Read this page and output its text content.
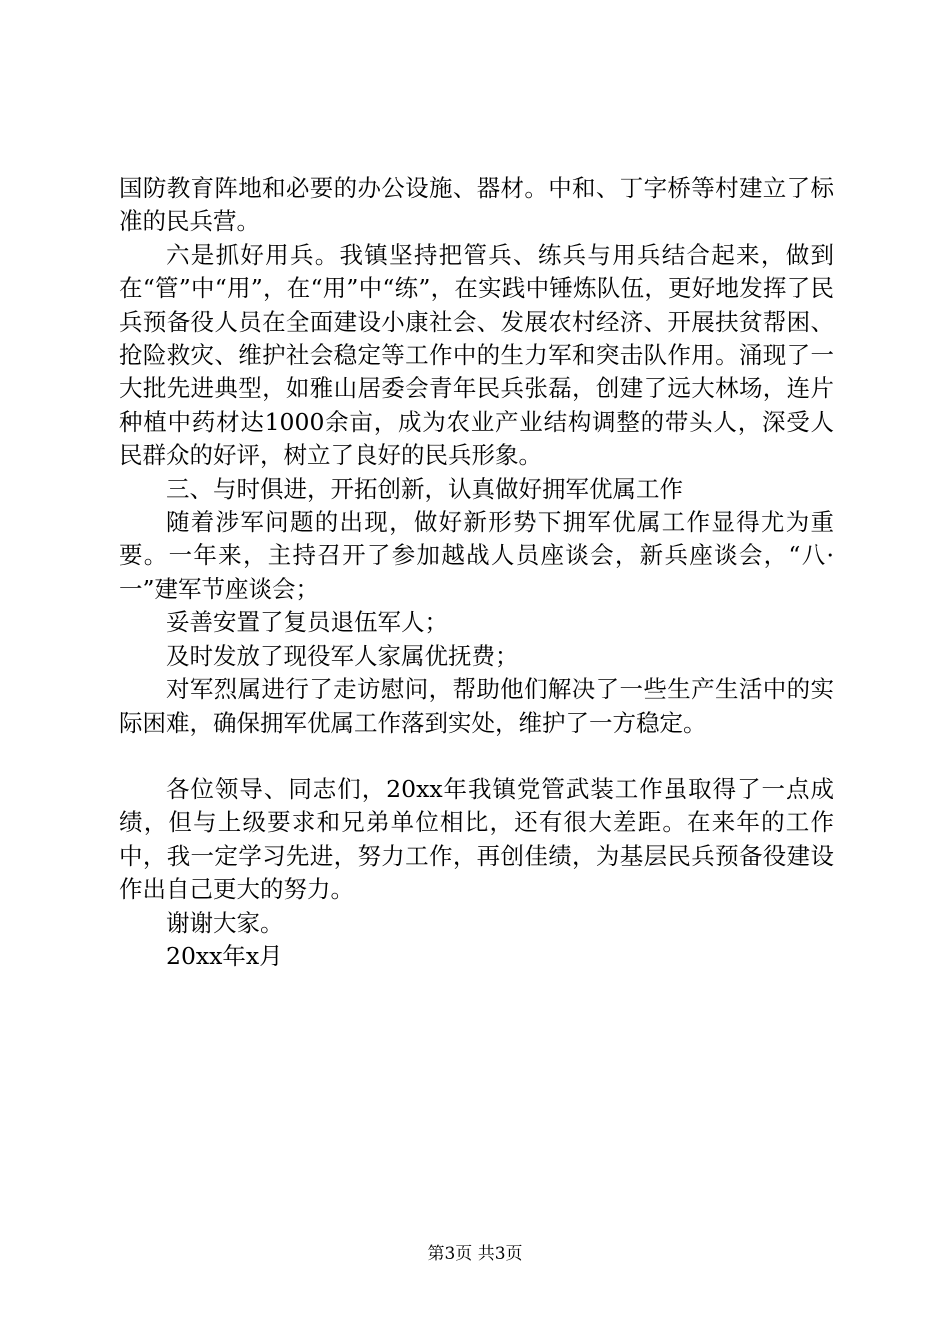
国防教育阵地和必要的办公设施、器材。中和、丁字桥等村建立了标准的民兵营。

六是抓好用兵。我镇坚持把管兵、练兵与用兵结合起来，做到在“管”中“用”，在“用”中“练”，在实践中锤炼队伍，更好地发挥了民兵预备役人员在全面建设小康社会、发展农村经济、开展扶贫帮困、抢险救灾、维护社会稳定等工作中的生力军和突击队作用。涌现了一大批先进典型，如雅山居委会青年民兵张磊，创建了远大林场，连片种植中药材达1000余亩，成为农业产业结构调整的带头人，深受人民群众的好评，树立了良好的民兵形象。

三、与时俱进，开拓创新，认真做好拥军优属工作

随着涉军问题的出现，做好新形势下拥军优属工作显得尤为重要。一年来，主持召开了参加越战人员座谈会，新兵座谈会，“八·一”建军节座谈会；

妥善安置了复员退伍军人；

及时发放了现役军人家属优抚费；

对军烈属进行了走访慰问，帮助他们解决了一些生产生活中的实际困难，确保拥军优属工作落到实处，维护了一方稳定。

各位领导、同志们，20xx年我镇党管武装工作虽取得了一点成绩，但与上级要求和兄弟单位相比，还有很大差距。在来年的工作中，我一定学习先进，努力工作，再创佳绩，为基层民兵预备役建设作出自己更大的努力。

谢谢大家。

20xx年x月

第3页 共3页
